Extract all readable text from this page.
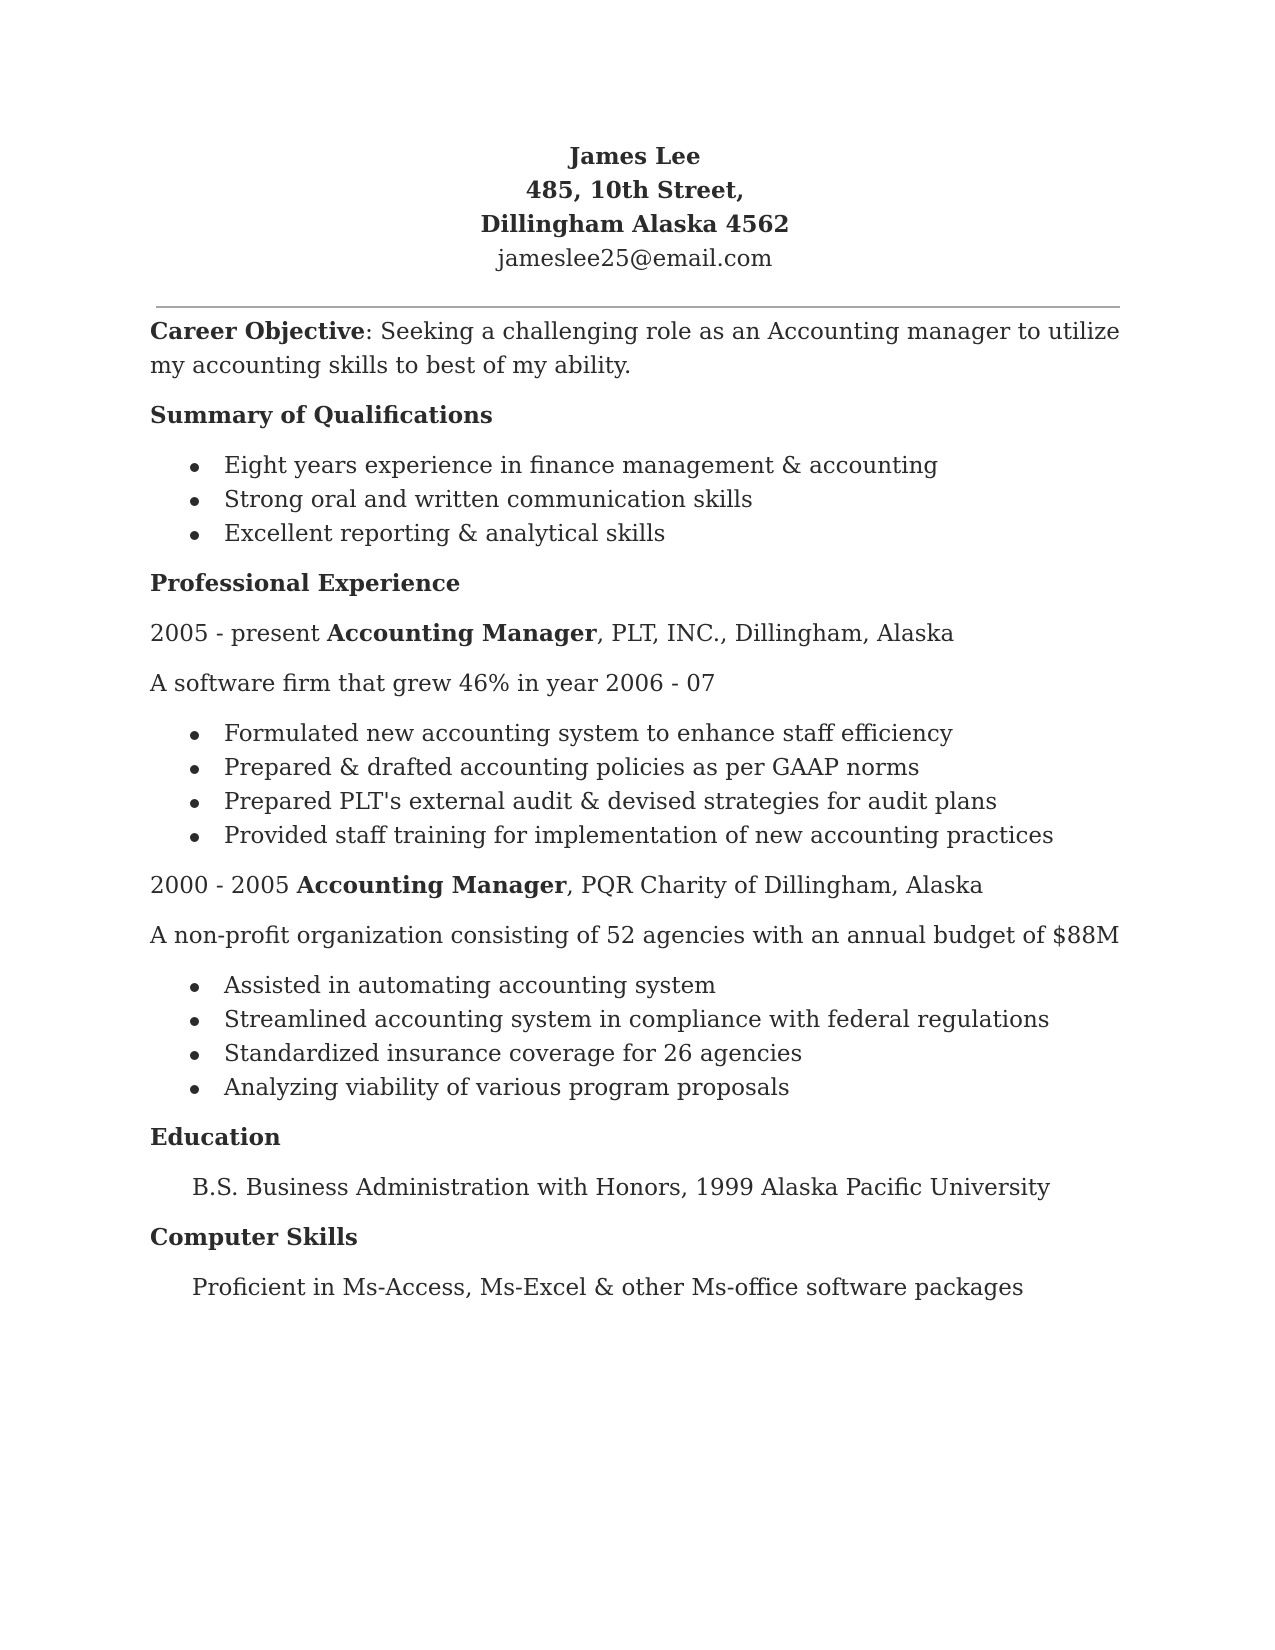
James Lee
485, 10th Street,
Dillingham Alaska 4562
jameslee25@email.com

Career Objective: Seeking a challenging role as an Accounting manager to utilize my accounting skills to best of my ability.

Summary of Qualifications

Eight years experience in finance management & accounting
Strong oral and written communication skills
Excellent reporting & analytical skills

Professional Experience

2005 - present Accounting Manager, PLT, INC., Dillingham, Alaska

A software firm that grew 46% in year 2006 - 07

Formulated new accounting system to enhance staff efficiency
Prepared & drafted accounting policies as per GAAP norms
Prepared PLT's external audit & devised strategies for audit plans
Provided staff training for implementation of new accounting practices

2000 - 2005 Accounting Manager, PQR Charity of Dillingham, Alaska

A non-profit organization consisting of 52 agencies with an annual budget of $88M

Assisted in automating accounting system
Streamlined accounting system in compliance with federal regulations
Standardized insurance coverage for 26 agencies
Analyzing viability of various program proposals

Education

B.S. Business Administration with Honors, 1999 Alaska Pacific University

Computer Skills

Proficient in Ms-Access, Ms-Excel & other Ms-office software packages
